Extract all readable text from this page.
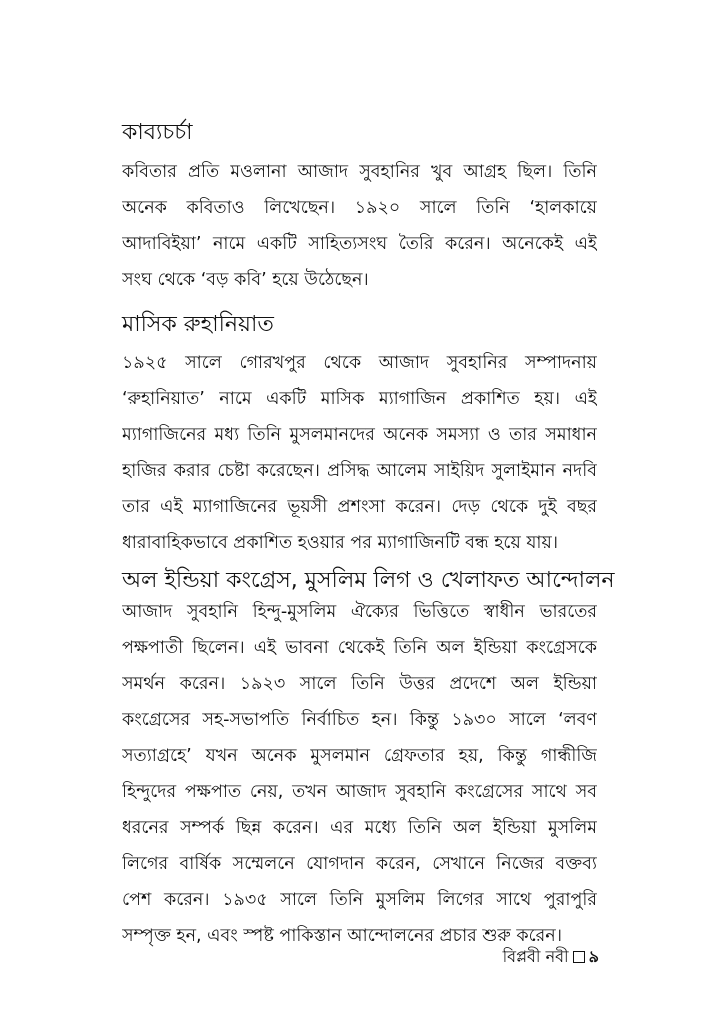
কাব্যচর্চা
কবিতার প্রতি মওলানা আজাদ সুবহানির খুব আগ্রহ ছিল। তিনি
অনেক কবিতাও লিখেছেন। ১৯২০ সালে তিনি ‘হালকায়ে
আদাবিইয়া’ নামে একটি সাহিত্যসংঘ তৈরি করেন। অনেকেই এই
সংঘ থেকে ‘বড় কবি’ হয়ে উঠেছেন।
মাসিক রুহানিয়াত
১৯২৫ সালে গোরখপুর থেকে আজাদ সুবহানির সম্পাদনায়
‘রুহানিয়াত’ নামে একটি মাসিক ম্যাগাজিন প্রকাশিত হয়। এই
ম্যাগাজিনের মধ্য তিনি মুসলমানদের অনেক সমস্যা ও তার সমাধান
হাজির করার চেষ্টা করেছেন। প্রসিদ্ধ আলেম সাইয়িদ সুলাইমান নদবি
তার এই ম্যাগাজিনের ভূয়সী প্রশংসা করেন। দেড় থেকে দুই বছর
ধারাবাহিকভাবে প্রকাশিত হওয়ার পর ম্যাগাজিনটি বন্ধ হয়ে যায়।
অল ইন্ডিয়া কংগ্রেস, মুসলিম লিগ ও খেলাফত আন্দোলন
আজাদ সুবহানি হিন্দু-মুসলিম ঐক্যের ভিত্তিতে স্বাধীন ভারতের
পক্ষপাতী ছিলেন। এই ভাবনা থেকেই তিনি অল ইন্ডিয়া কংগ্রেসকে
সমর্থন করেন। ১৯২৩ সালে তিনি উত্তর প্রদেশে অল ইন্ডিয়া
কংগ্রেসের সহ-সভাপতি নির্বাচিত হন। কিন্তু ১৯৩০ সালে ‘লবণ
সত্যাগ্রহে’ যখন অনেক মুসলমান গ্রেফতার হয়, কিন্তু গান্ধীজি
হিন্দুদের পক্ষপাত নেয়, তখন আজাদ সুবহানি কংগ্রেসের সাথে সব
ধরনের সম্পর্ক ছিন্ন করেন। এর মধ্যে তিনি অল ইন্ডিয়া মুসলিম
লিগের বার্ষিক সম্মেলনে যোগদান করেন, সেখানে নিজের বক্তব্য
পেশ করেন। ১৯৩৫ সালে তিনি মুসলিম লিগের সাথে পুরাপুরি
সম্পৃক্ত হন, এবং স্পষ্ট পাকিস্তান আন্দোলনের প্রচার শুরু করেন।
বিপ্লবী নবী ৯
